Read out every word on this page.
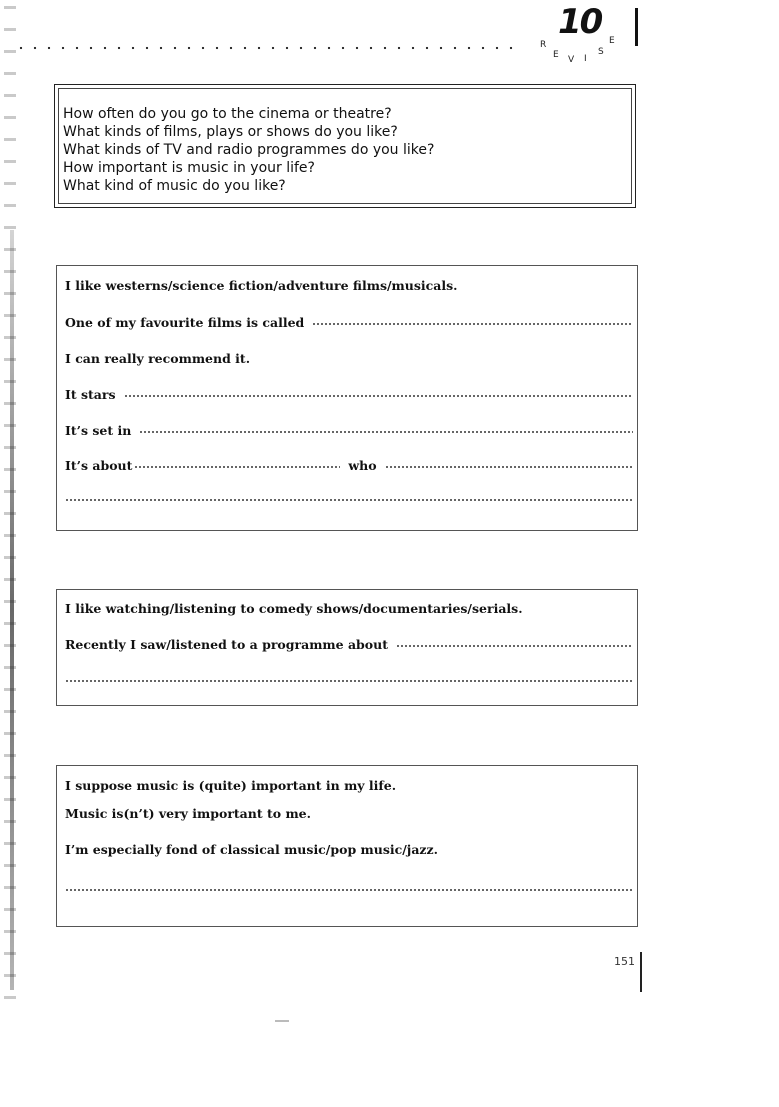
10
R
E V I
S
E
How often do you go to the cinema or theatre?
What kinds of films, plays or shows do you like?
What kinds of TV and radio programmes do you like?
How important is music in your life?
What kind of music do you like?
I like westerns/science fiction/adventure films/musicals.
One of my favourite films is called
I can really recommend it.
It stars
It’s set in
It’s about	who
I like watching/listening to comedy shows/documentaries/serials.
Recently I saw/listened to a programme about
I suppose music is (quite) important in my life.
Music is(n’t) very important to me.
I’m especially fond of classical music/pop music/jazz.
151
